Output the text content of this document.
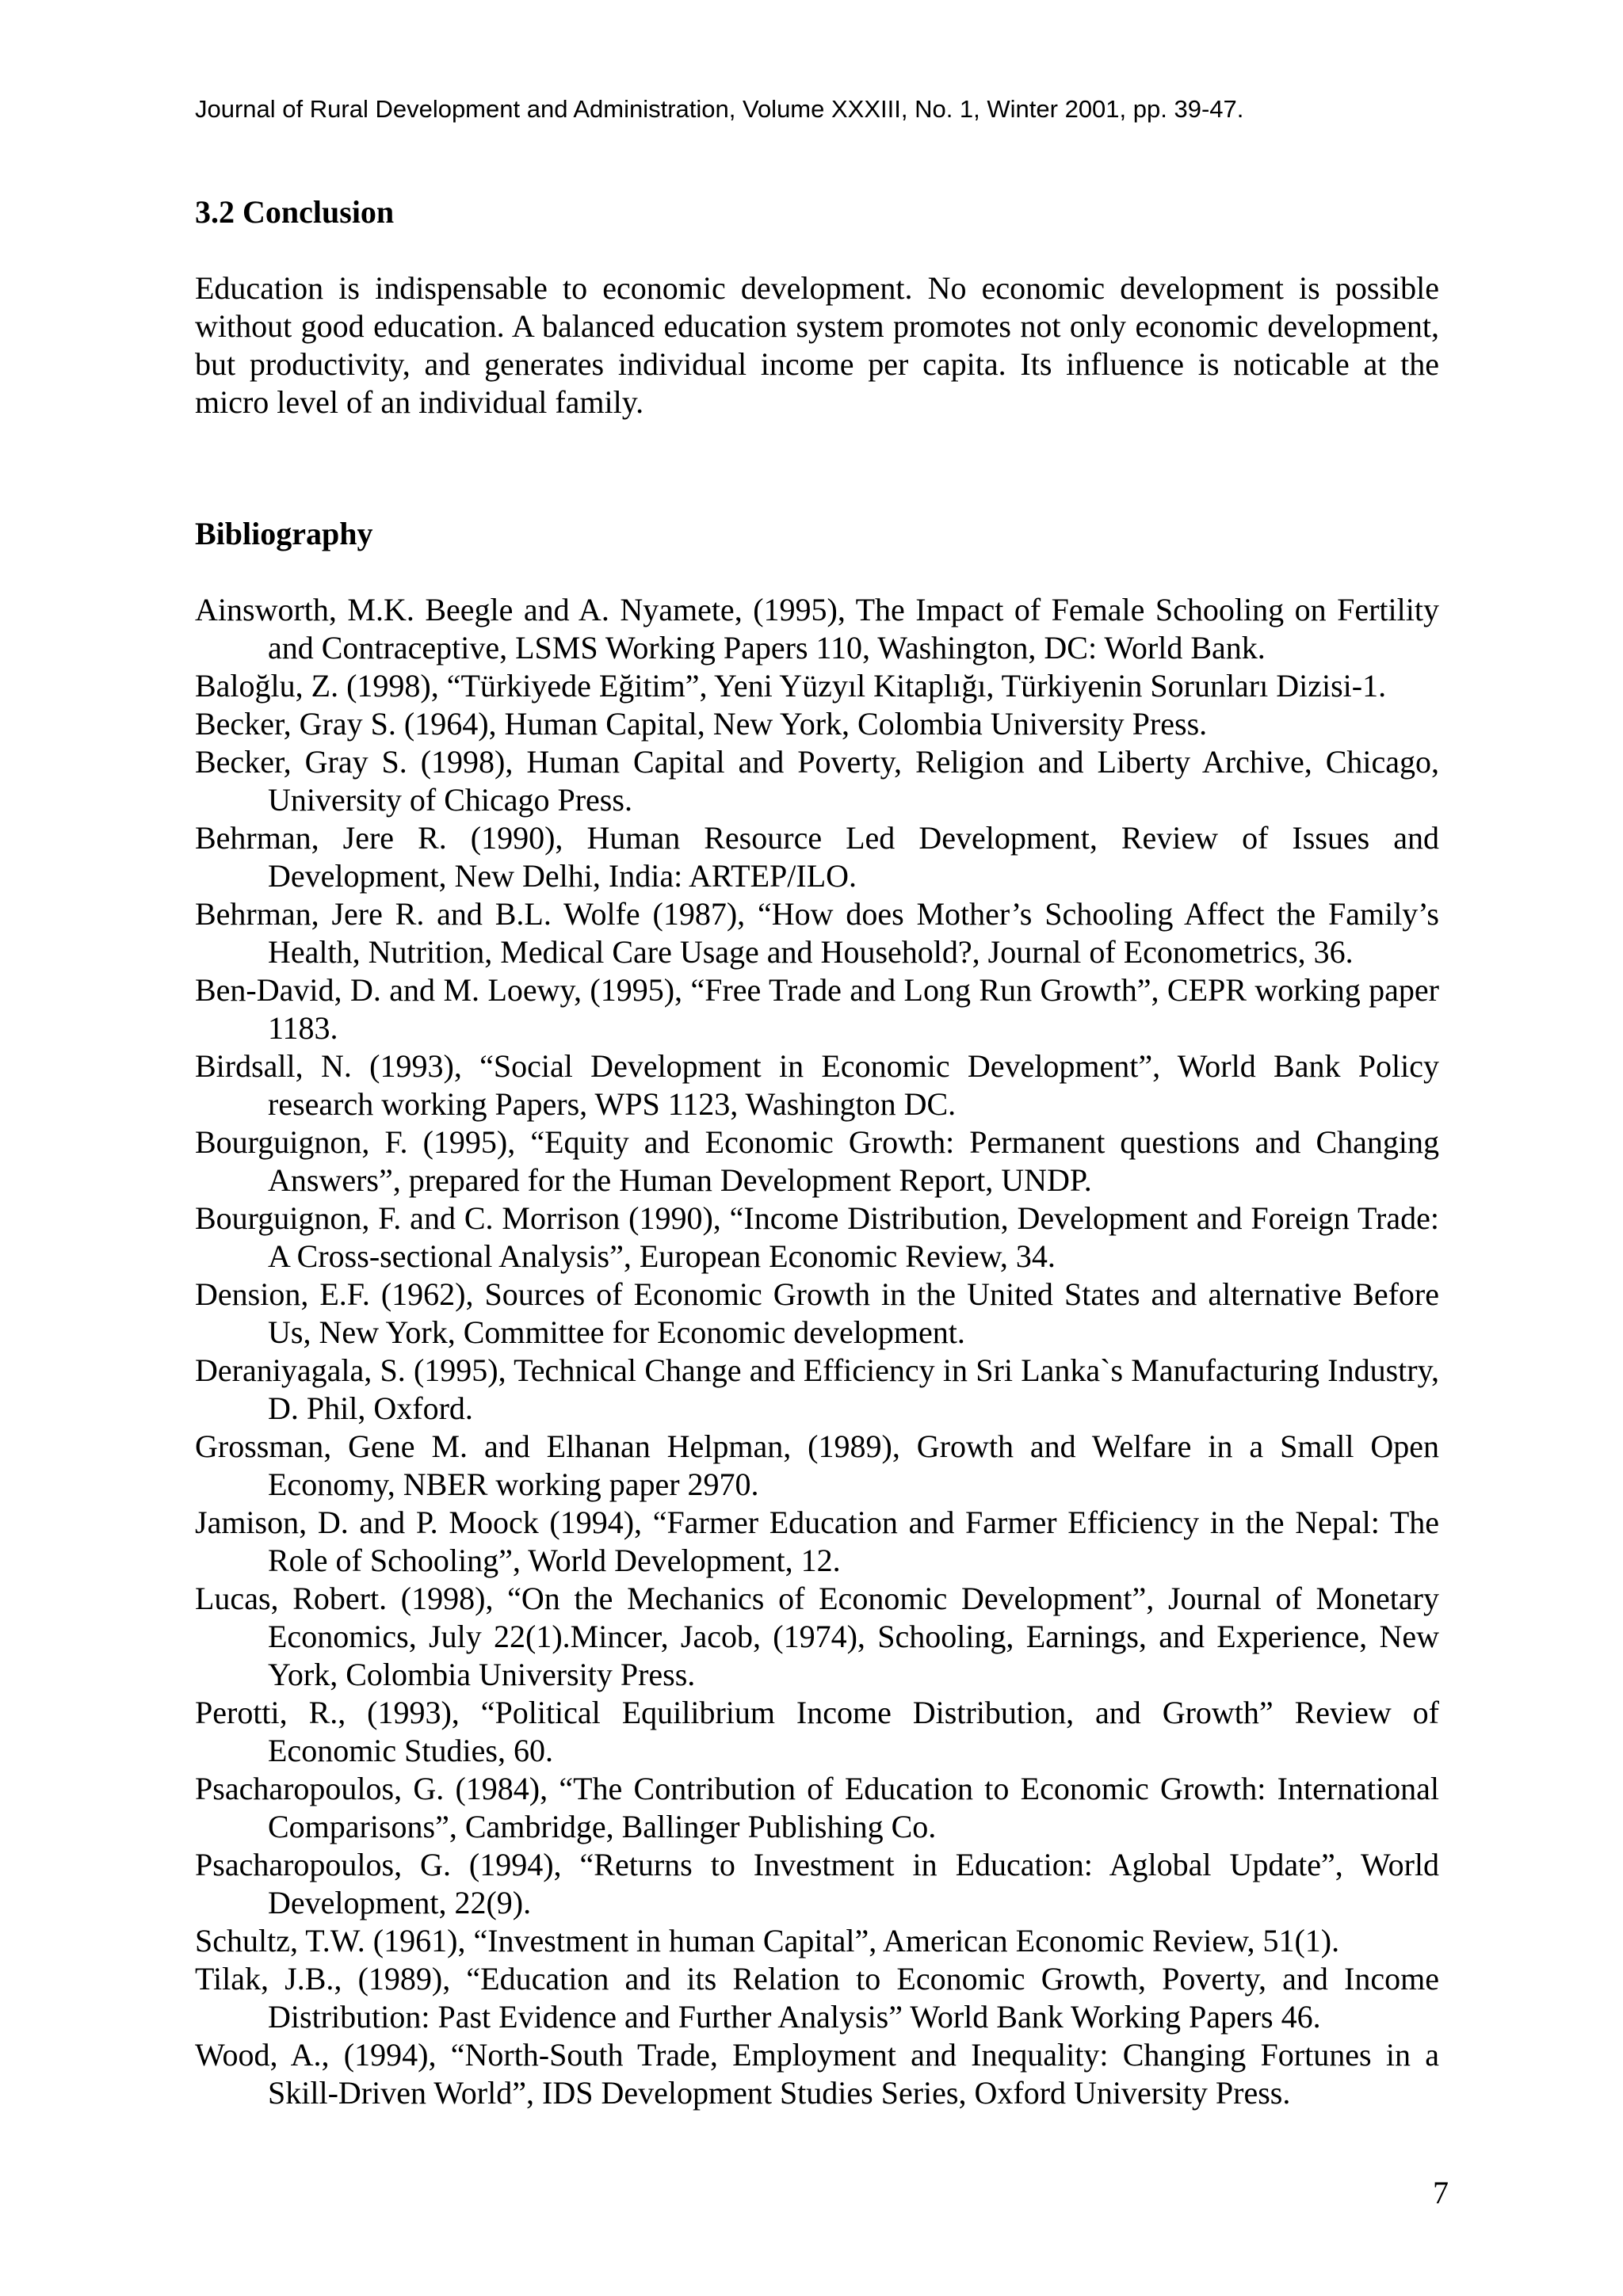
Journal of Rural Development and Administration, Volume XXXIII, No. 1, Winter 2001, pp. 39-47.
3.2 Conclusion

Education is indispensable to economic development. No economic development is possible without good education. A balanced education system promotes not only economic development, but productivity, and generates individual income per capita. Its influence is noticable at the micro level of an individual family.

Bibliography
Ainsworth, M.K. Beegle and A. Nyamete, (1995), The Impact of Female Schooling on Fertility and Contraceptive, LSMS Working Papers 110, Washington, DC: World Bank.
Baloğlu, Z. (1998), “Türkiyede Eğitim”, Yeni Yüzyıl Kitaplığı, Türkiyenin Sorunları Dizisi-1.
Becker, Gray S. (1964), Human Capital, New York, Colombia University Press.
Becker, Gray S. (1998), Human Capital and Poverty, Religion and Liberty Archive, Chicago, University of Chicago Press.
Behrman, Jere R. (1990), Human Resource Led Development, Review of Issues and Development, New Delhi, India: ARTEP/ILO.
Behrman, Jere R. and B.L. Wolfe (1987), “How does Mother’s Schooling Affect the Family’s Health, Nutrition, Medical Care Usage and Household?, Journal of Econometrics, 36.
Ben-David, D. and M. Loewy, (1995), “Free Trade and Long Run Growth”, CEPR working paper 1183.
Birdsall, N. (1993), “Social Development in Economic Development”, World Bank Policy research working Papers, WPS 1123, Washington DC.
Bourguignon, F. (1995), “Equity and Economic Growth: Permanent questions and Changing Answers”, prepared for the Human Development Report, UNDP.
Bourguignon, F. and C. Morrison (1990), “Income Distribution, Development and Foreign Trade: A Cross-sectional Analysis”, European Economic Review, 34.
Dension, E.F. (1962), Sources of Economic Growth in the United States and alternative Before Us, New York, Committee for Economic development.
Deraniyagala, S. (1995), Technical Change and Efficiency in Sri Lanka`s Manufacturing Industry, D. Phil, Oxford.
Grossman, Gene M. and Elhanan Helpman, (1989), Growth and Welfare in a Small Open Economy, NBER working paper 2970.
Jamison, D. and P. Moock (1994), “Farmer Education and Farmer Efficiency in the Nepal: The Role of Schooling”, World Development, 12.
Lucas, Robert. (1998), “On the Mechanics of Economic Development”, Journal of Monetary Economics, July 22(1).Mincer, Jacob, (1974), Schooling, Earnings, and Experience, New York, Colombia University Press.
Perotti, R., (1993), “Political Equilibrium Income Distribution, and Growth” Review of Economic Studies, 60.
Psacharopoulos, G. (1984), “The Contribution of Education to Economic Growth: International Comparisons”, Cambridge, Ballinger Publishing Co.
Psacharopoulos, G. (1994), “Returns to Investment in Education: Aglobal Update”, World Development, 22(9).
Schultz, T.W. (1961), “Investment in human Capital”, American Economic Review, 51(1).
Tilak, J.B., (1989), “Education and its Relation to Economic Growth, Poverty, and Income Distribution: Past Evidence and Further Analysis” World Bank Working Papers 46.
Wood, A., (1994), “North-South Trade, Employment and Inequality: Changing Fortunes in a Skill-Driven World”, IDS Development Studies Series, Oxford University Press.
7
